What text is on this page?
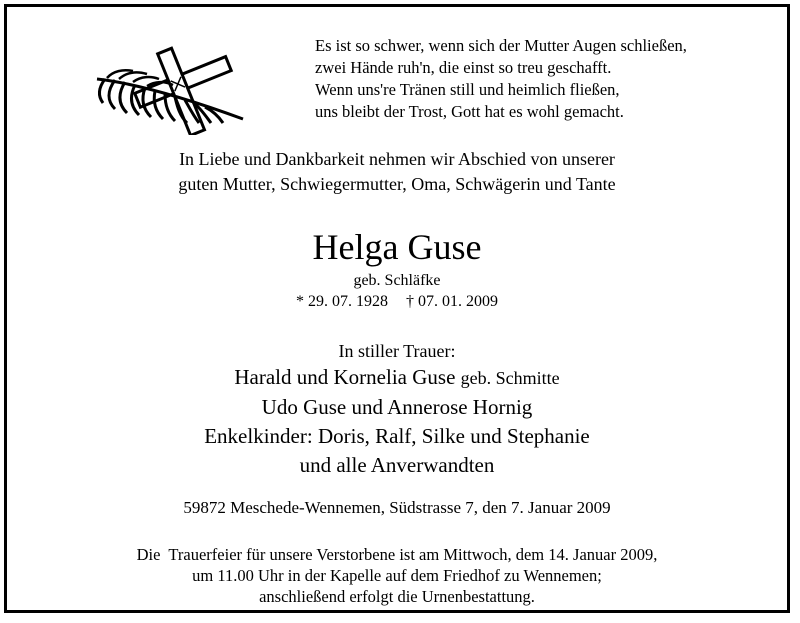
Es ist so schwer, wenn sich der Mutter Augen schließen,
zwei Hände ruh'n, die einst so treu geschafft.
Wenn uns're Tränen still und heimlich fließen,
uns bleibt der Trost, Gott hat es wohl gemacht.
In Liebe und Dankbarkeit nehmen wir Abschied von unserer
guten Mutter, Schwiegermutter, Oma, Schwägerin und Tante
Helga Guse
geb. Schläfke
* 29. 07. 1928 † 07. 01. 2009
In stiller Trauer:
Harald und Kornelia Guse geb. Schmitte
Udo Guse und Annerose Hornig
Enkelkinder: Doris, Ralf, Silke und Stephanie
und alle Anverwandten
59872 Meschede-Wennemen, Südstrasse 7, den 7. Januar 2009
Die  Trauerfeier für unsere Verstorbene ist am Mittwoch, dem 14. Januar 2009,
um 11.00 Uhr in der Kapelle auf dem Friedhof zu Wennemen;
anschließend erfolgt die Urnenbestattung.
